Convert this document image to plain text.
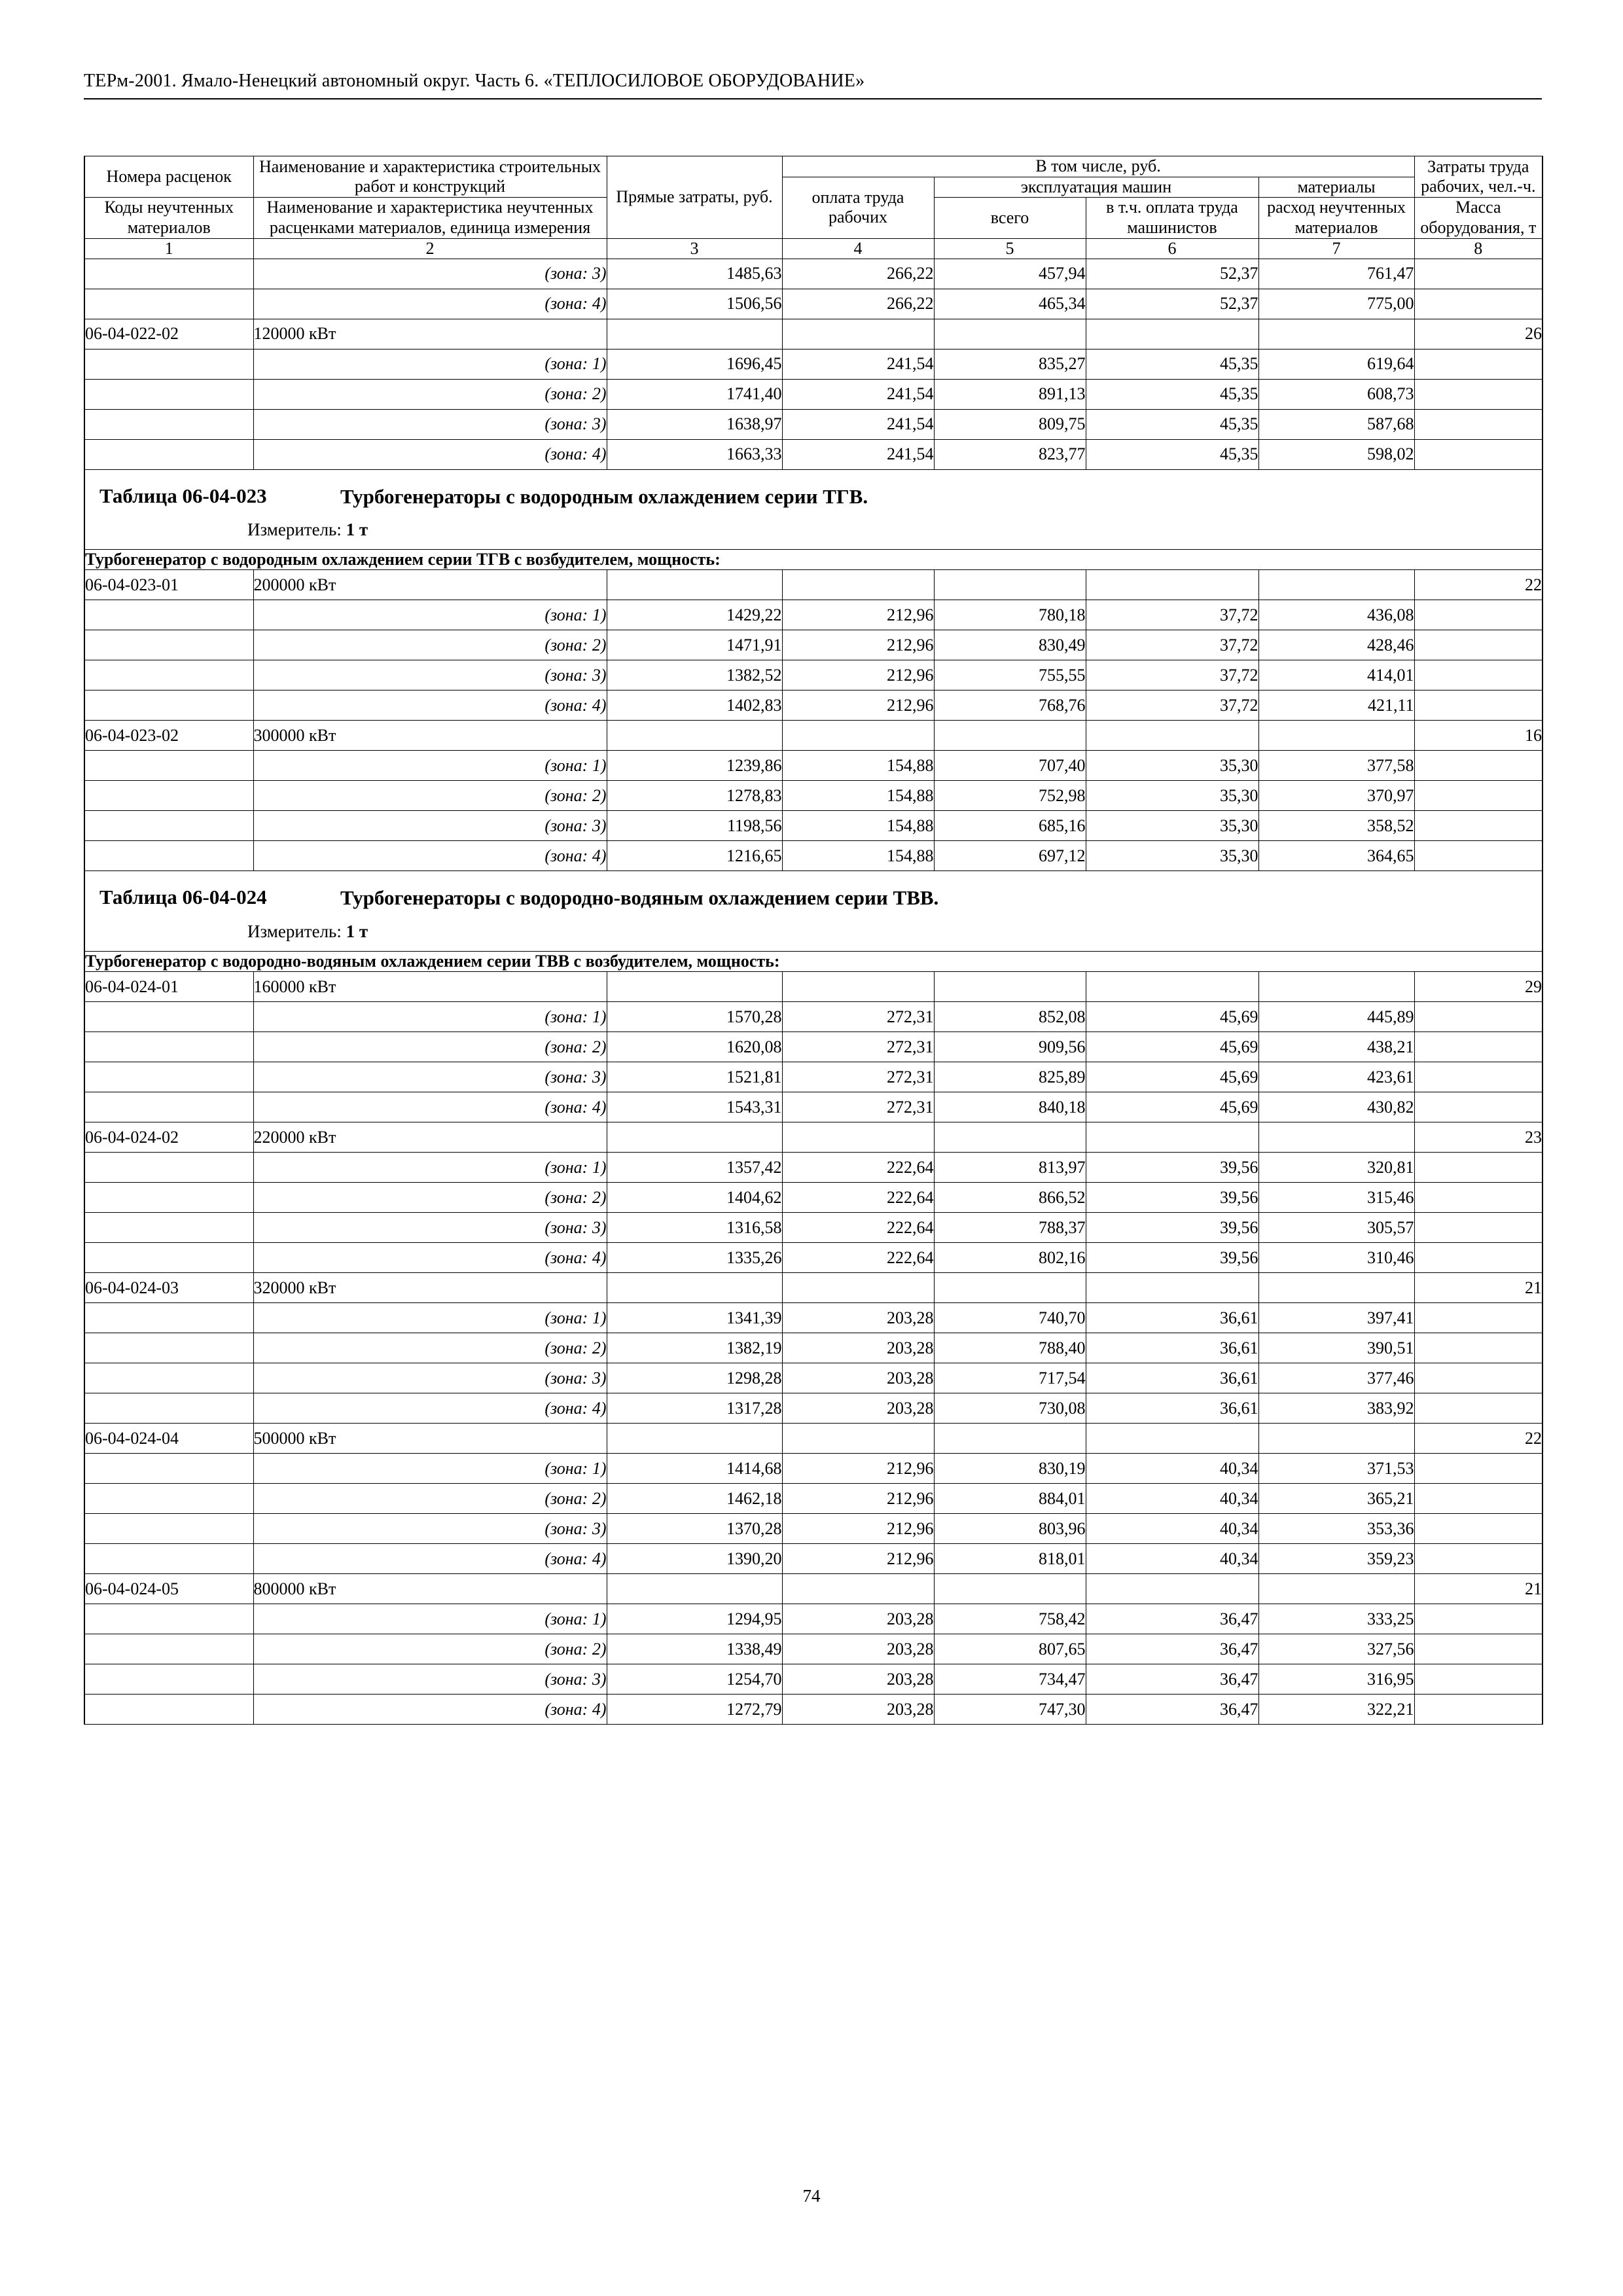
ТЕРм-2001. Ямало-Ненецкий автономный округ. Часть 6. «ТЕПЛОСИЛОВОЕ ОБОРУДОВАНИЕ»
Номера расценок	Наименование и характеристика строительных работ и конструкций	Прямые затраты, руб.	В том числе, руб.				Затраты труда рабочих, чел.-ч.
			оплата труда рабочих	эксплуатация машин		материалы	
Коды неучтенных материалов	Наименование и характеристика неучтенных расценками материалов, единица измерения			всего	в т.ч. оплата труда машинистов	расход неучтенных материалов	Масса оборудования, т
1	2	3	4	5	6	7	8
	(зона: 3)	1485,63	266,22	457,94	52,37	761,47	
	(зона: 4)	1506,56	266,22	465,34	52,37	775,00	
06-04-022-02	120000 кВт						26
	(зона: 1)	1696,45	241,54	835,27	45,35	619,64	
	(зона: 2)	1741,40	241,54	891,13	45,35	608,73	
	(зона: 3)	1638,97	241,54	809,75	45,35	587,68	
	(зона: 4)	1663,33	241,54	823,77	45,35	598,02	

Таблица 06-04-023 Турбогенераторы с водородным охлаждением серии ТГВ.
Измеритель: 1 т							

Турбогенератор с водородным охлаждением серии ТГВ с возбудителем, мощность:							
06-04-023-01	200000 кВт						22
	(зона: 1)	1429,22	212,96	780,18	37,72	436,08	
	(зона: 2)	1471,91	212,96	830,49	37,72	428,46	
	(зона: 3)	1382,52	212,96	755,55	37,72	414,01	
	(зона: 4)	1402,83	212,96	768,76	37,72	421,11	
06-04-023-02	300000 кВт						16
	(зона: 1)	1239,86	154,88	707,40	35,30	377,58	
	(зона: 2)	1278,83	154,88	752,98	35,30	370,97	
	(зона: 3)	1198,56	154,88	685,16	35,30	358,52	
	(зона: 4)	1216,65	154,88	697,12	35,30	364,65	

Таблица 06-04-024 Турбогенераторы с водородно-водяным охлаждением серии ТВВ.
Измеритель: 1 т							

Турбогенератор с водородно-водяным охлаждением серии ТВВ с возбудителем, мощность:							
06-04-024-01	160000 кВт						29
	(зона: 1)	1570,28	272,31	852,08	45,69	445,89	
	(зона: 2)	1620,08	272,31	909,56	45,69	438,21	
	(зона: 3)	1521,81	272,31	825,89	45,69	423,61	
	(зона: 4)	1543,31	272,31	840,18	45,69	430,82	
06-04-024-02	220000 кВт						23
	(зона: 1)	1357,42	222,64	813,97	39,56	320,81	
	(зона: 2)	1404,62	222,64	866,52	39,56	315,46	
	(зона: 3)	1316,58	222,64	788,37	39,56	305,57	
	(зона: 4)	1335,26	222,64	802,16	39,56	310,46	
06-04-024-03	320000 кВт						21
	(зона: 1)	1341,39	203,28	740,70	36,61	397,41	
	(зона: 2)	1382,19	203,28	788,40	36,61	390,51	
	(зона: 3)	1298,28	203,28	717,54	36,61	377,46	
	(зона: 4)	1317,28	203,28	730,08	36,61	383,92	
06-04-024-04	500000 кВт						22
	(зона: 1)	1414,68	212,96	830,19	40,34	371,53	
	(зона: 2)	1462,18	212,96	884,01	40,34	365,21	
	(зона: 3)	1370,28	212,96	803,96	40,34	353,36	
	(зона: 4)	1390,20	212,96	818,01	40,34	359,23	
06-04-024-05	800000 кВт						21
	(зона: 1)	1294,95	203,28	758,42	36,47	333,25	
	(зона: 2)	1338,49	203,28	807,65	36,47	327,56	
	(зона: 3)	1254,70	203,28	734,47	36,47	316,95	
	(зона: 4)	1272,79	203,28	747,30	36,47	322,21	
74
